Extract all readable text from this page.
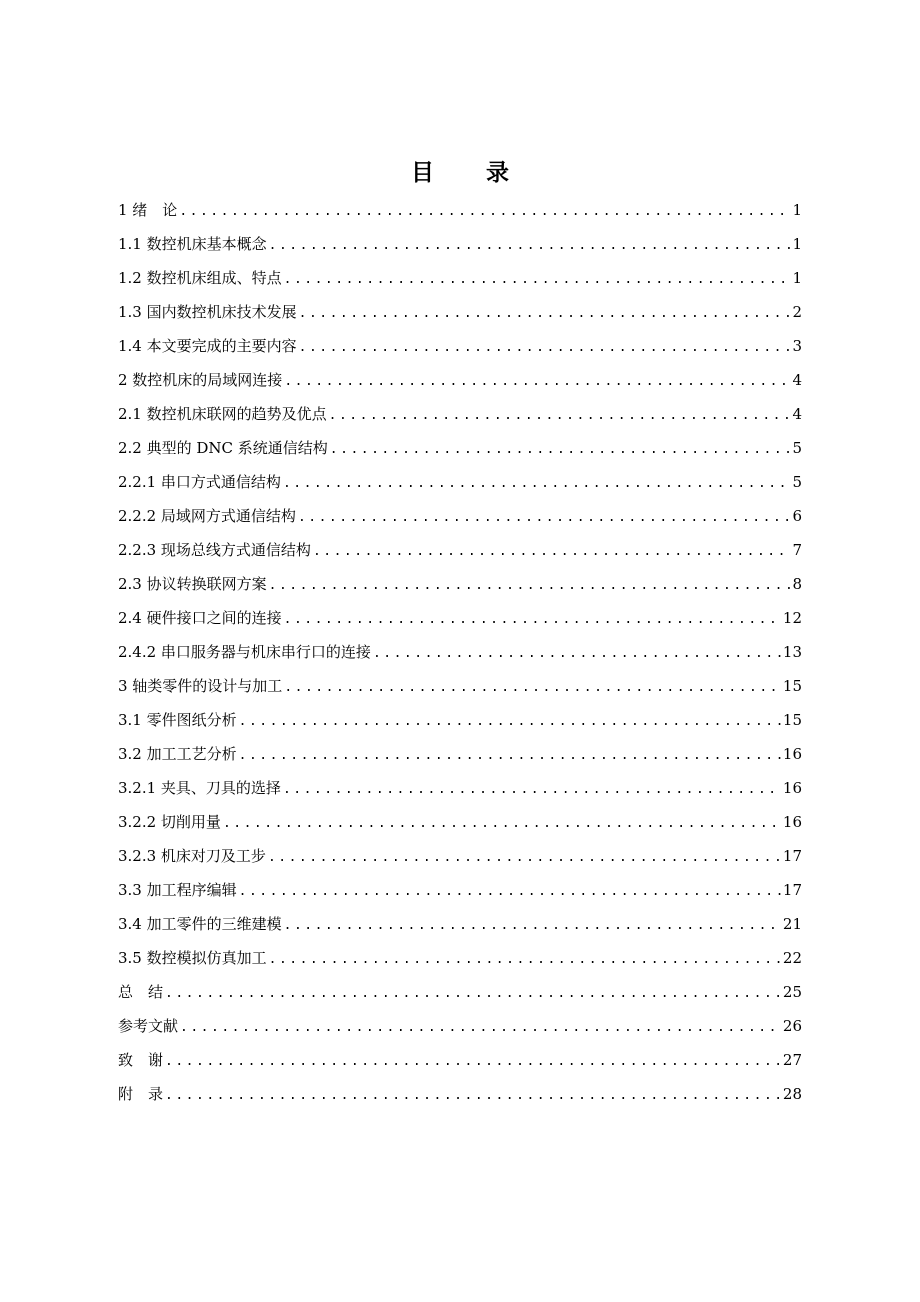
目 录
1 绪　论 .....	1
1.1 数控机床基本概念 .....	1
1.2 数控机床组成、特点 .....	1
1.3 国内数控机床技术发展 .....	2
1.4 本文要完成的主要内容 .....	3
2 数控机床的局域网连接 .....	4
2.1 数控机床联网的趋势及优点 .....	4
2.2 典型的 DNC 系统通信结构 .....	5
2.2.1 串口方式通信结构 .....	5
2.2.2 局域网方式通信结构 .....	6
2.2.3 现场总线方式通信结构 .....	7
2.3 协议转换联网方案 .....	8
2.4 硬件接口之间的连接 .....	12
2.4.2 串口服务器与机床串行口的连接 .....	13
3 轴类零件的设计与加工 .....	15
3.1 零件图纸分析 .....	15
3.2 加工工艺分析 .....	16
3.2.1 夹具、刀具的选择 .....	16
3.2.2 切削用量 .....	16
3.2.3 机床对刀及工步 .....	17
3.3 加工程序编辑 .....	17
3.4 加工零件的三维建模 .....	21
3.5 数控模拟仿真加工 .....	22
总　结 .....	25
参考文献 .....	26
致　谢 .....	27
附　录 .....	28
